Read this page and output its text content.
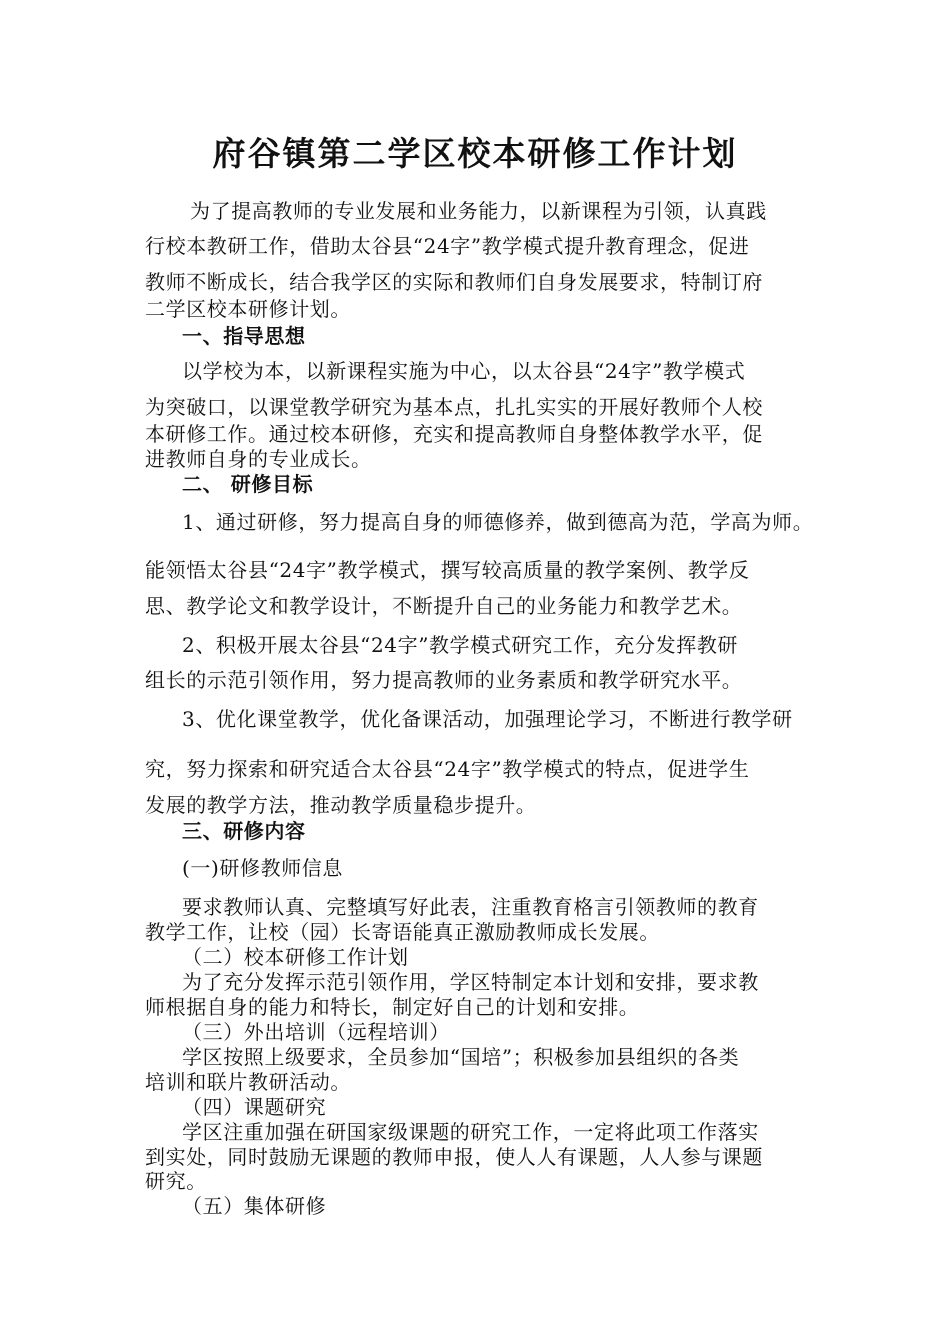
府谷镇第二学区校本研修工作计划
为了提高教师的专业发展和业务能力，以新课程为引领，认真践
行校本教研工作，借助太谷县“24字”教学模式提升教育理念，促进
教师不断成长，结合我学区的实际和教师们自身发展要求，特制订府
二学区校本研修计划。
一、指导思想
以学校为本，以新课程实施为中心，以太谷县“24字”教学模式
为突破口，以课堂教学研究为基本点，扎扎实实的开展好教师个人校
本研修工作。通过校本研修，充实和提高教师自身整体教学水平，促
进教师自身的专业成长。
二、 研修目标
1、通过研修，努力提高自身的师德修养，做到德高为范，学高为师。
能领悟太谷县“24字”教学模式，撰写较高质量的教学案例、教学反
思、教学论文和教学设计，不断提升自己的业务能力和教学艺术。
2、积极开展太谷县“24字”教学模式研究工作，充分发挥教研
组长的示范引领作用，努力提高教师的业务素质和教学研究水平。
3、优化课堂教学，优化备课活动，加强理论学习，不断进行教学研
究，努力探索和研究适合太谷县“24字”教学模式的特点，促进学生
发展的教学方法，推动教学质量稳步提升。
三、研修内容
(一)研修教师信息
要求教师认真、完整填写好此表，注重教育格言引领教师的教育
教学工作，让校（园）长寄语能真正激励教师成长发展。
（二）校本研修工作计划
为了充分发挥示范引领作用，学区特制定本计划和安排，要求教
师根据自身的能力和特长，制定好自己的计划和安排。
（三）外出培训（远程培训）
学区按照上级要求，全员参加“国培”；积极参加县组织的各类
培训和联片教研活动。
（四）课题研究
学区注重加强在研国家级课题的研究工作，一定将此项工作落实
到实处，同时鼓励无课题的教师申报，使人人有课题，人人参与课题
研究。
（五）集体研修
